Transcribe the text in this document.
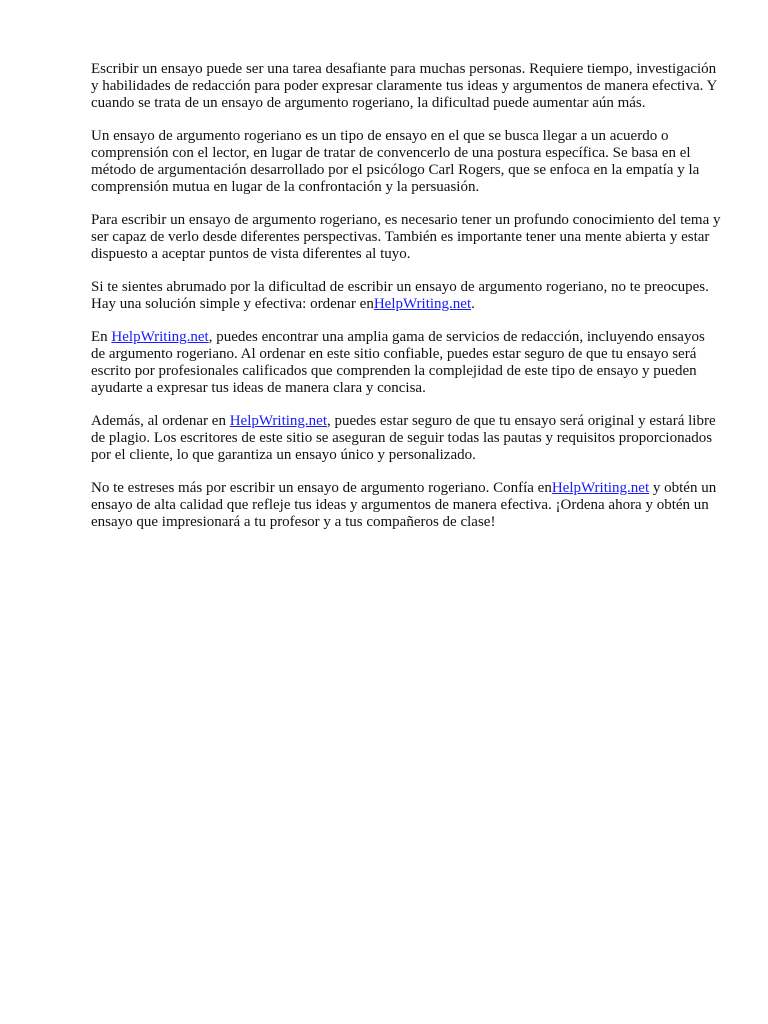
Escribir un ensayo puede ser una tarea desafiante para muchas personas. Requiere tiempo, investigación y habilidades de redacción para poder expresar claramente tus ideas y argumentos de manera efectiva. Y cuando se trata de un ensayo de argumento rogeriano, la dificultad puede aumentar aún más.

Un ensayo de argumento rogeriano es un tipo de ensayo en el que se busca llegar a un acuerdo o comprensión con el lector, en lugar de tratar de convencerlo de una postura específica. Se basa en el método de argumentación desarrollado por el psicólogo Carl Rogers, que se enfoca en la empatía y la comprensión mutua en lugar de la confrontación y la persuasión.

Para escribir un ensayo de argumento rogeriano, es necesario tener un profundo conocimiento del tema y ser capaz de verlo desde diferentes perspectivas. También es importante tener una mente abierta y estar dispuesto a aceptar puntos de vista diferentes al tuyo.

Si te sientes abrumado por la dificultad de escribir un ensayo de argumento rogeriano, no te preocupes. Hay una solución simple y efectiva: ordenar enHelpWriting.net.

En HelpWriting.net, puedes encontrar una amplia gama de servicios de redacción, incluyendo ensayos de argumento rogeriano. Al ordenar en este sitio confiable, puedes estar seguro de que tu ensayo será escrito por profesionales calificados que comprenden la complejidad de este tipo de ensayo y pueden ayudarte a expresar tus ideas de manera clara y concisa.

Además, al ordenar en HelpWriting.net, puedes estar seguro de que tu ensayo será original y estará libre de plagio. Los escritores de este sitio se aseguran de seguir todas las pautas y requisitos proporcionados por el cliente, lo que garantiza un ensayo único y personalizado.

No te estreses más por escribir un ensayo de argumento rogeriano. Confía enHelpWriting.net y obtén un ensayo de alta calidad que refleje tus ideas y argumentos de manera efectiva. ¡Ordena ahora y obtén un ensayo que impresionará a tu profesor y a tus compañeros de clase!
